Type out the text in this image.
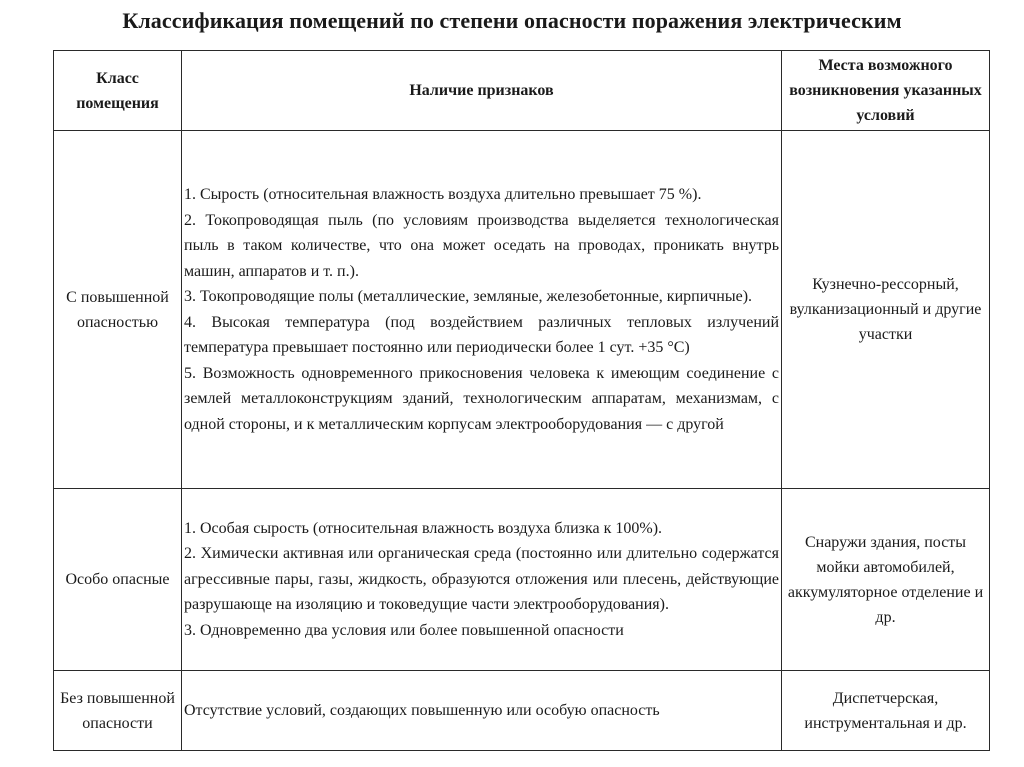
Классификация помещений по степени опасности поражения электрическим
Класс помещения	Наличие признаков	Места возможного возникновения указанных условий
С повышенной опасностью	1. Сырость (относительная влажность воздуха длительно превышает 75 %).
2. Токопроводящая пыль (по условиям производства выделяется технологическая пыль в таком количестве, что она может оседать на проводах, проникать внутрь машин, аппаратов и т. п.).
3. Токопроводящие полы (металлические, земляные, железобетонные, кирпичные).
4. Высокая температура (под воздействием различных тепловых излучений температура превышает постоянно или периодически более 1 сут. +35 °С)
5. Возможность одновременного прикосновения человека к имеющим соединение с землей металлоконструкциям зданий, технологическим аппаратам, механизмам, с одной стороны, и к металлическим корпусам электрооборудования — с другой	Кузнечно-рессорный, вулканизационный и другие участки
Особо опасные	1. Особая сырость (относительная влажность воздуха близка к 100%).
2. Химически активная или органическая среда (постоянно или длительно содержатся агрессивные пары, газы, жидкость, образуются отложения или плесень, действующие разрушающе на изоляцию и токоведущие части электрооборудования).
3. Одновременно два условия или более повышенной опасности	Снаружи здания, посты мойки автомобилей, аккумуляторное отделение и др.
Без повышенной опасности	Отсутствие условий, создающих повышенную или особую опасность	Диспетчерская, инструментальная и др.
